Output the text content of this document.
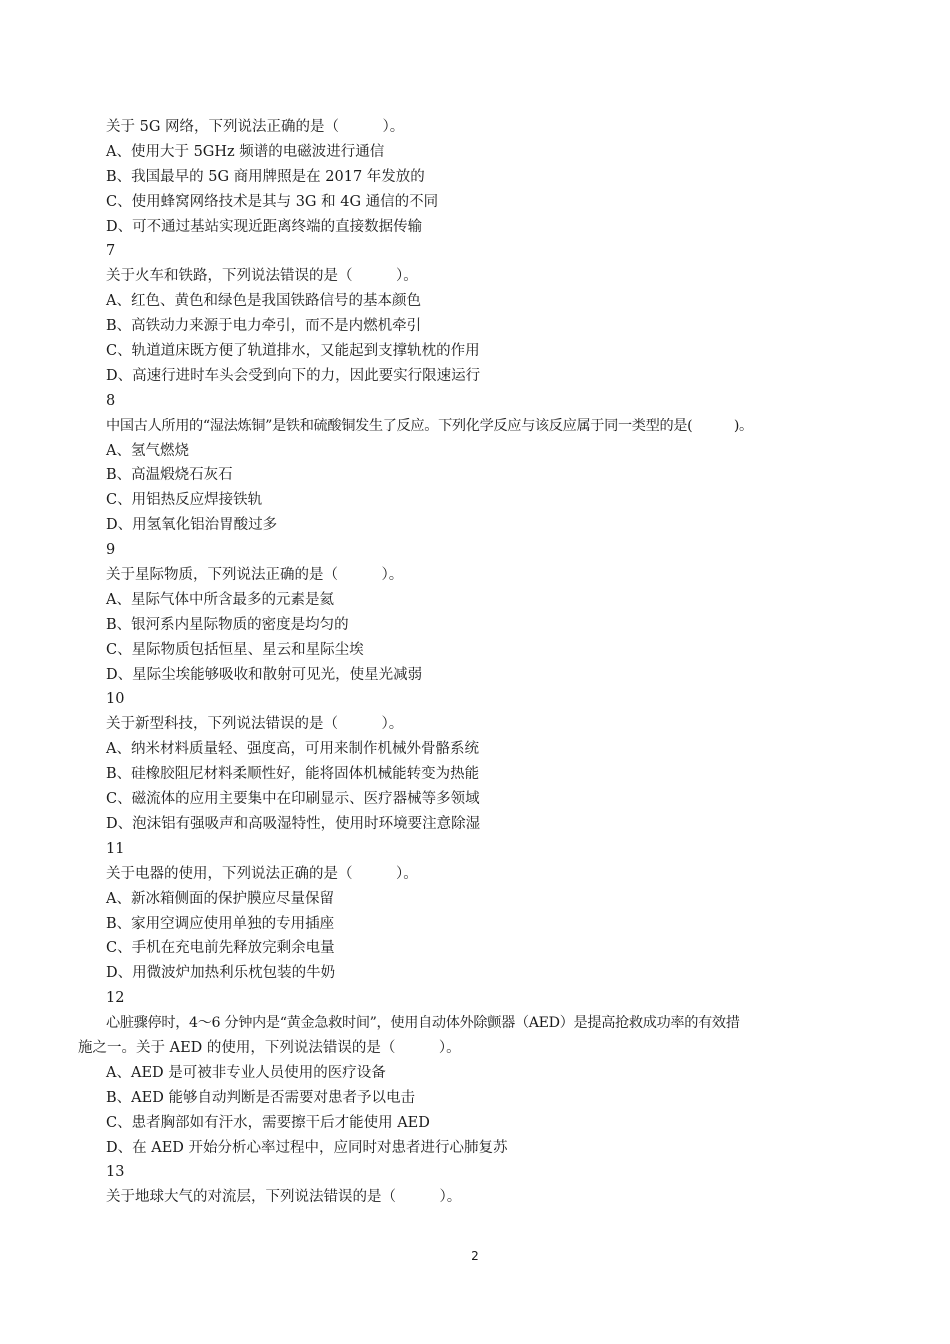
关于 5G 网络，下列说法正确的是（　　　）。
A、使用大于 5GHz 频谱的电磁波进行通信
B、我国最早的 5G 商用牌照是在 2017 年发放的
C、使用蜂窝网络技术是其与 3G 和 4G 通信的不同
D、可不通过基站实现近距离终端的直接数据传输
7
关于火车和铁路，下列说法错误的是（　　　）。
A、红色、黄色和绿色是我国铁路信号的基本颜色
B、高铁动力来源于电力牵引，而不是内燃机牵引
C、轨道道床既方便了轨道排水，又能起到支撑轨枕的作用
D、高速行进时车头会受到向下的力，因此要实行限速运行
8
中国古人所用的“湿法炼铜”是铁和硫酸铜发生了反应。下列化学反应与该反应属于同一类型的是(　　　)。
A、氢气燃烧
B、高温煅烧石灰石
C、用铝热反应焊接铁轨
D、用氢氧化铝治胃酸过多
9
关于星际物质，下列说法正确的是（　　　）。
A、星际气体中所含最多的元素是氦
B、银河系内星际物质的密度是均匀的
C、星际物质包括恒星、星云和星际尘埃
D、星际尘埃能够吸收和散射可见光，使星光减弱
10
关于新型科技，下列说法错误的是（　　　）。
A、纳米材料质量轻、强度高，可用来制作机械外骨骼系统
B、硅橡胶阻尼材料柔顺性好，能将固体机械能转变为热能
C、磁流体的应用主要集中在印刷显示、医疗器械等多领域
D、泡沫铝有强吸声和高吸湿特性，使用时环境要注意除湿
11
关于电器的使用，下列说法正确的是（　　　）。
A、新冰箱侧面的保护膜应尽量保留
B、家用空调应使用单独的专用插座
C、手机在充电前先释放完剩余电量
D、用微波炉加热利乐枕包装的牛奶
12
心脏骤停时，4～6 分钟内是“黄金急救时间”，使用自动体外除颤器（AED）是提高抢救成功率的有效措
施之一。关于 AED 的使用，下列说法错误的是（　　　）。
A、AED 是可被非专业人员使用的医疗设备
B、AED 能够自动判断是否需要对患者予以电击
C、患者胸部如有汗水，需要擦干后才能使用 AED
D、在 AED 开始分析心率过程中，应同时对患者进行心肺复苏
13
关于地球大气的对流层，下列说法错误的是（　　　）。
2
